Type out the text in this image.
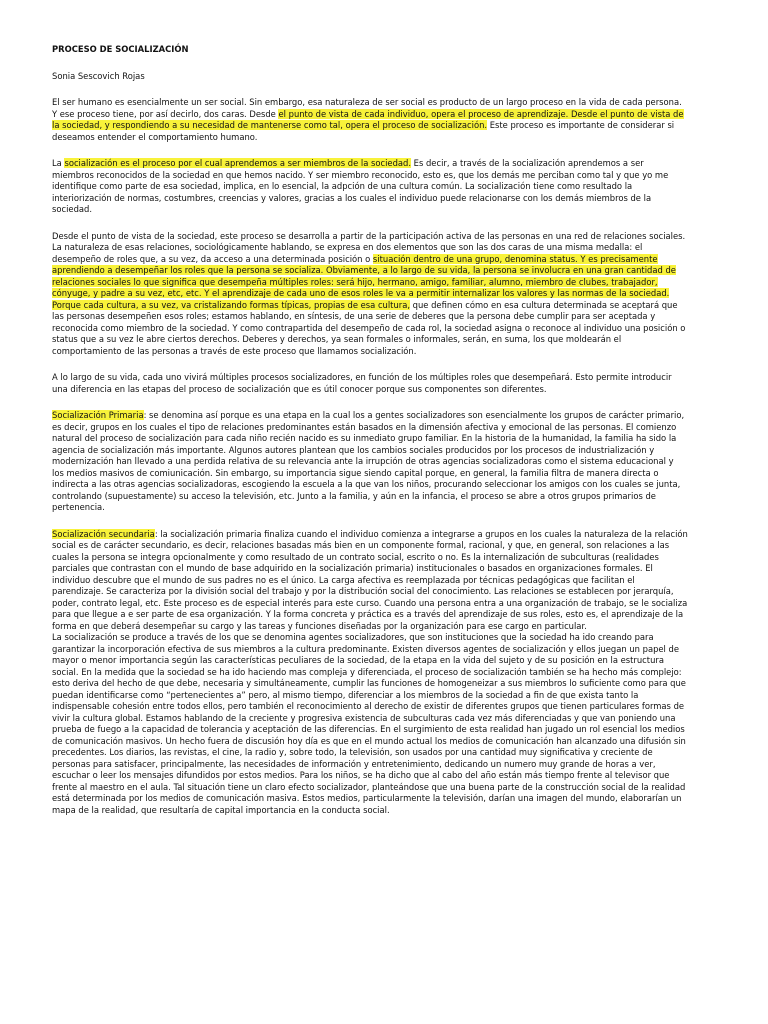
PROCESO DE SOCIALIZACIÓN
Sonia Sescovich Rojas

El ser humano es esencialmente un ser social. Sin embargo, esa naturaleza de ser social es producto de un largo proceso en la vida de cada persona. Y ese proceso tiene, por así decirlo, dos caras. Desde el punto de vista de cada individuo, opera el proceso de aprendizaje. Desde el punto de vista de la sociedad, y respondiendo a su necesidad de mantenerse como tal, opera el proceso de socialización. Este proceso es importante de considerar si deseamos entender el comportamiento humano.

La socialización es el proceso por el cual aprendemos a ser miembros de la sociedad. Es decir, a través de la socialización aprendemos a ser miembros reconocidos de la sociedad en que hemos nacido. Y ser miembro reconocido, esto es, que los demás me perciban como tal y que yo me identifique como parte de esa sociedad, implica, en lo esencial, la adpción de una cultura común. La socialización tiene como resultado la interiorización de normas, costumbres, creencias y valores, gracias a los cuales el individuo puede relacionarse con los demás miembros de la sociedad.

Desde el punto de vista de la sociedad, este proceso se desarrolla a partir de la participación activa de las personas en una red de relaciones sociales. La naturaleza de esas relaciones, sociológicamente hablando, se expresa en dos elementos que son las dos caras de una misma medalla: el desempeño de roles que, a su vez, da acceso a una determinada posición o situación dentro de una grupo, denomina status. Y es precisamente aprendiendo a desempeñar los roles que la persona se socializa. Obviamente, a lo largo de su vida, la persona se involucra en una gran cantidad de relaciones sociales lo que significa que desempeña múltiples roles: será hijo, hermano, amigo, familiar, alumno, miembro de clubes, trabajador, cónyuge, y padre a su vez, etc, etc. Y el aprendizaje de cada uno de esos roles le va a permitir internalizar los valores y las normas de la sociedad. Porque cada cultura, a su vez, va cristalizando formas típicas, propias de esa cultura, que definen cómo en esa cultura determinada se aceptará que las personas desempeñen esos roles; estamos hablando, en síntesis, de una serie de deberes que la persona debe cumplir para ser aceptada y reconocida como miembro de la sociedad. Y como contrapartida del desempeño de cada rol, la sociedad asigna o reconoce al individuo una posición o status que a su vez le abre ciertos derechos. Deberes y derechos, ya sean formales o informales, serán, en suma, los que moldearán el comportamiento de las personas a través de este proceso que llamamos socialización.

A lo largo de su vida, cada uno vivirá múltiples procesos socializadores, en función de los múltiples roles que desempeñará. Esto permite introducir una diferencia en las etapas del proceso de socialización que es útil conocer porque sus componentes son diferentes.

Socialización Primaria: se denomina así porque es una etapa en la cual los a gentes socializadores son esencialmente los grupos de carácter primario, es decir, grupos en los cuales el tipo de relaciones predominantes están basados en la dimensión afectiva y emocional de las personas. El comienzo natural del proceso de socialización para cada niño recién nacido es su inmediato grupo familiar. En la historia de la humanidad, la familia ha sido la agencia de socialización más importante. Algunos autores plantean que los cambios sociales producidos por los procesos de industrialización y modernización han llevado a una perdida relativa de su relevancia ante la irrupción de otras agencias socializadoras como el sistema educacional y los medios masivos de comiunicación. Sin embargo, su importancia sigue siendo capital porque, en general, la familia filtra de manera directa o indirecta a las otras agencias socializadoras, escogiendo la escuela a la que van los niños, procurando seleccionar los amigos con los cuales se junta, controlando (supuestamente) su acceso la televisión, etc. Junto a la familia, y aún en la infancia, el proceso se abre a otros grupos primarios de pertenencia.

Socialización secundaria: la socialización primaria finaliza cuando el individuo comienza a integrarse a grupos en los cuales la naturaleza de la relación social es de carácter secundario, es decir, relaciones basadas más bien en un componente formal, racional, y que, en general, son relaciones a las cuales la persona se integra opcionalmente y como resultado de un contrato social, escrito o no. Es la internalización de subculturas (realidades parciales que contrastan con el mundo de base adquirido en la socialización primaria) institucionales o basados en organizaciones formales. El individuo descubre que el mundo de sus padres no es el único. La carga afectiva es reemplazada por técnicas pedagógicas que facilitan el parendizaje. Se caracteriza por la división social del trabajo y por la distribución social del conocimiento. Las relaciones se establecen por jerarquía, poder, contrato legal, etc. Este proceso es de especial interés para este curso. Cuando una persona entra a una organización de trabajo, se le socializa para que llegue a e ser parte de esa organización. Y la forma concreta y práctica es a través del aprendizaje de sus roles, esto es, el aprendizaje de la forma en que deberá desempeñar su cargo y las tareas y funciones diseñadas por la organización para ese cargo en particular.

La socialización se produce a través de los que se denomina agentes socializadores, que son instituciones que la sociedad ha ido creando para garantizar la incorporación efectiva de sus miembros a la cultura predominante. Existen diversos agentes de socialización y ellos juegan un papel de mayor o menor importancia según las características peculiares de la sociedad, de la etapa en la vida del sujeto y de su posición en la estructura social. En la medida que la sociedad se ha ido haciendo mas compleja y diferenciada, el proceso de socialización también se ha hecho más complejo: esto deriva del hecho de que debe, necesaria y simultáneamente, cumplir las funciones de homogeneizar a sus miembros lo suficiente como para que puedan identificarse como “pertenecientes a” pero, al mismo tiempo, diferenciar a los miembros de la sociedad a fin de que exista tanto la indispensable cohesión entre todos ellos, pero también el reconocimiento al derecho de existir de diferentes grupos que tienen particulares formas de vivir la cultura global. Estamos hablando de la creciente y progresiva existencia de subculturas cada vez más diferenciadas y que van poniendo una prueba de fuego a la capacidad de tolerancia y aceptación de las diferencias. En el surgimiento de esta realidad han jugado un rol esencial los medios de comunicación masivos. Un hecho fuera de discusión hoy día es que en el mundo actual los medios de comunicación han alcanzado una difusión sin precedentes. Los diarios, las revistas, el cine, la radio y, sobre todo, la televisión, son usados por una cantidad muy significativa y creciente de personas para satisfacer, principalmente, las necesidades de información y entretenimiento, dedicando un numero muy grande de horas a ver, escuchar o leer los mensajes difundidos por estos medios. Para los niños, se ha dicho que al cabo del año están más tiempo frente al televisor que frente al maestro en el aula. Tal situación tiene un claro efecto socializador, planteándose que una buena parte de la construcción social de la realidad está determinada por los medios de comunicación masiva. Estos medios, particularmente la televisión, darían una imagen del mundo, elaborarían un mapa de la realidad, que resultaría de capital importancia en la conducta social.
